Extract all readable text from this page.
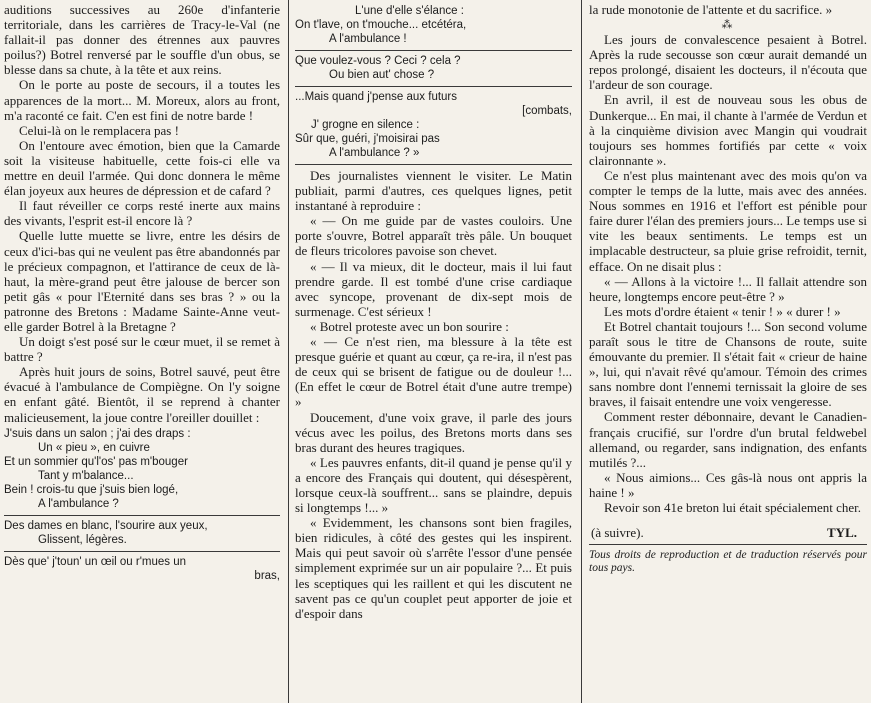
auditions successives au 260e d'infanterie territoriale, dans les carrières de Tracy-le-Val (ne fallait-il pas donner des étrennes aux pauvres poilus?) Botrel renversé par le souffle d'un obus, se blesse dans sa chute, à la tête et aux reins.

On le porte au poste de secours, il a toutes les apparences de la mort... M. Moreux, alors au front, m'a raconté ce fait. C'en est fini de notre barde !

Celui-là on le remplacera pas !

On l'entoure avec émotion, bien que la Camarde soit la visiteuse habituelle, cette fois-ci elle va mettre en deuil l'armée. Qui donc donnera le même élan joyeux aux heures de dépression et de cafard ?

Il faut réveiller ce corps resté inerte aux mains des vivants, l'esprit est-il encore là ?

Quelle lutte muette se livre, entre les désirs de ceux d'ici-bas qui ne veulent pas être abandonnés par le précieux compagnon, et l'attirance de ceux de là-haut, la mère-grand peut être jalouse de bercer son petit gâs « pour l'Eternité dans ses bras ? » ou la patronne des Bretons : Madame Sainte-Anne veut-elle garder Botrel à la Bretagne ?

Un doigt s'est posé sur le cœur muet, il se remet à battre ?

Après huit jours de soins, Botrel sauvé, peut être évacué à l'ambulance de Compiègne. On l'y soigne en enfant gâté. Bientôt, il se reprend à chanter malicieusement, la joue contre l'oreiller douillet :

J'suis dans un salon ; j'ai des draps :
Un « pieu », en cuivre
Et un sommier qu'l'os' pas m'bouger
Tant y m'balance...
Bein ! crois-tu que j'suis bien logé,
A l'ambulance ?
Des dames en blanc, l'sourire aux yeux,
Glissent, légères.
Dès que' j'toun' un œil ou r'mues un
bras,
L'une d'elle s'élance :
On t'lave, on t'mouche... etcétéra,
A l'ambulance !
Que voulez-vous ? Ceci ? cela ?
Ou bien aut' chose ?
...Mais quand j'pense aux futurs
[combats,
J' grogne en silence :
Sûr que, guéri, j'moisirai pas
A l'ambulance ? »

Des journalistes viennent le visiter. Le Matin publiait, parmi d'autres, ces quelques lignes, petit instantané à reproduire :

« — On me guide par de vastes couloirs. Une porte s'ouvre, Botrel apparaît très pâle. Un bouquet de fleurs tricolores pavoise son chevet.

« — Il va mieux, dit le docteur, mais il lui faut prendre garde. Il est tombé d'une crise cardiaque avec syncope, provenant de dix-sept mois de surmenage. C'est sérieux !

« Botrel proteste avec un bon sourire :

« — Ce n'est rien, ma blessure à la tête est presque guérie et quant au cœur, ça re-ira, il n'est pas de ceux qui se brisent de fatigue ou de douleur !... (En effet le cœur de Botrel était d'une autre trempe) »

Doucement, d'une voix grave, il parle des jours vécus avec les poilus, des Bretons morts dans ses bras durant des heures tragiques.

« Les pauvres enfants, dit-il quand je pense qu'il y a encore des Français qui doutent, qui désespèrent, lorsque ceux-là souffrent... sans se plaindre, depuis si longtemps !... »

« Evidemment, les chansons sont bien fragiles, bien ridicules, à côté des gestes qui les inspirent. Mais qui peut savoir où s'arrête l'essor d'une pensée simplement exprimée sur un air populaire ?... Et puis les sceptiques qui les raillent et qui les discutent ne savent pas ce qu'un couplet peut apporter de joie et d'espoir dans

la rude monotonie de l'attente et du sacrifice. »

⁂

Les jours de convalescence pesaient à Botrel. Après la rude secousse son cœur aurait demandé un repos prolongé, disaient les docteurs, il n'écouta que l'ardeur de son courage.

En avril, il est de nouveau sous les obus de Dunkerque... En mai, il chante à l'armée de Verdun et à la cinquième division avec Mangin qui voudrait toujours ses hommes fortifiés par cette « voix claironnante ».

Ce n'est plus maintenant avec des mois qu'on va compter le temps de la lutte, mais avec des années. Nous sommes en 1916 et l'effort est pénible pour faire durer l'élan des premiers jours... Le temps use si vite les beaux sentiments. Le temps est un implacable destructeur, sa pluie grise refroidit, ternit, efface. On ne disait plus :

« — Allons à la victoire !... Il fallait attendre son heure, longtemps encore peut-être ? »

Les mots d'ordre étaient « tenir ! » « durer ! »

Et Botrel chantait toujours !... Son second volume paraît sous le titre de Chansons de route, suite émouvante du premier. Il s'était fait « crieur de haine », lui, qui n'avait rêvé qu'amour. Témoin des crimes sans nombre dont l'ennemi ternissait la gloire de ses braves, il faisait entendre une voix vengeresse.

Comment rester débonnaire, devant le Canadien-français crucifié, sur l'ordre d'un brutal feldwebel allemand, ou regarder, sans indignation, des enfants mutilés ?...

« Nous aimions... Ces gâs-là nous ont appris la haine ! »

Revoir son 41e breton lui était spécialement cher.

(à suivre).	TYL.

Tous droits de reproduction et de traduction réservés pour tous pays.
